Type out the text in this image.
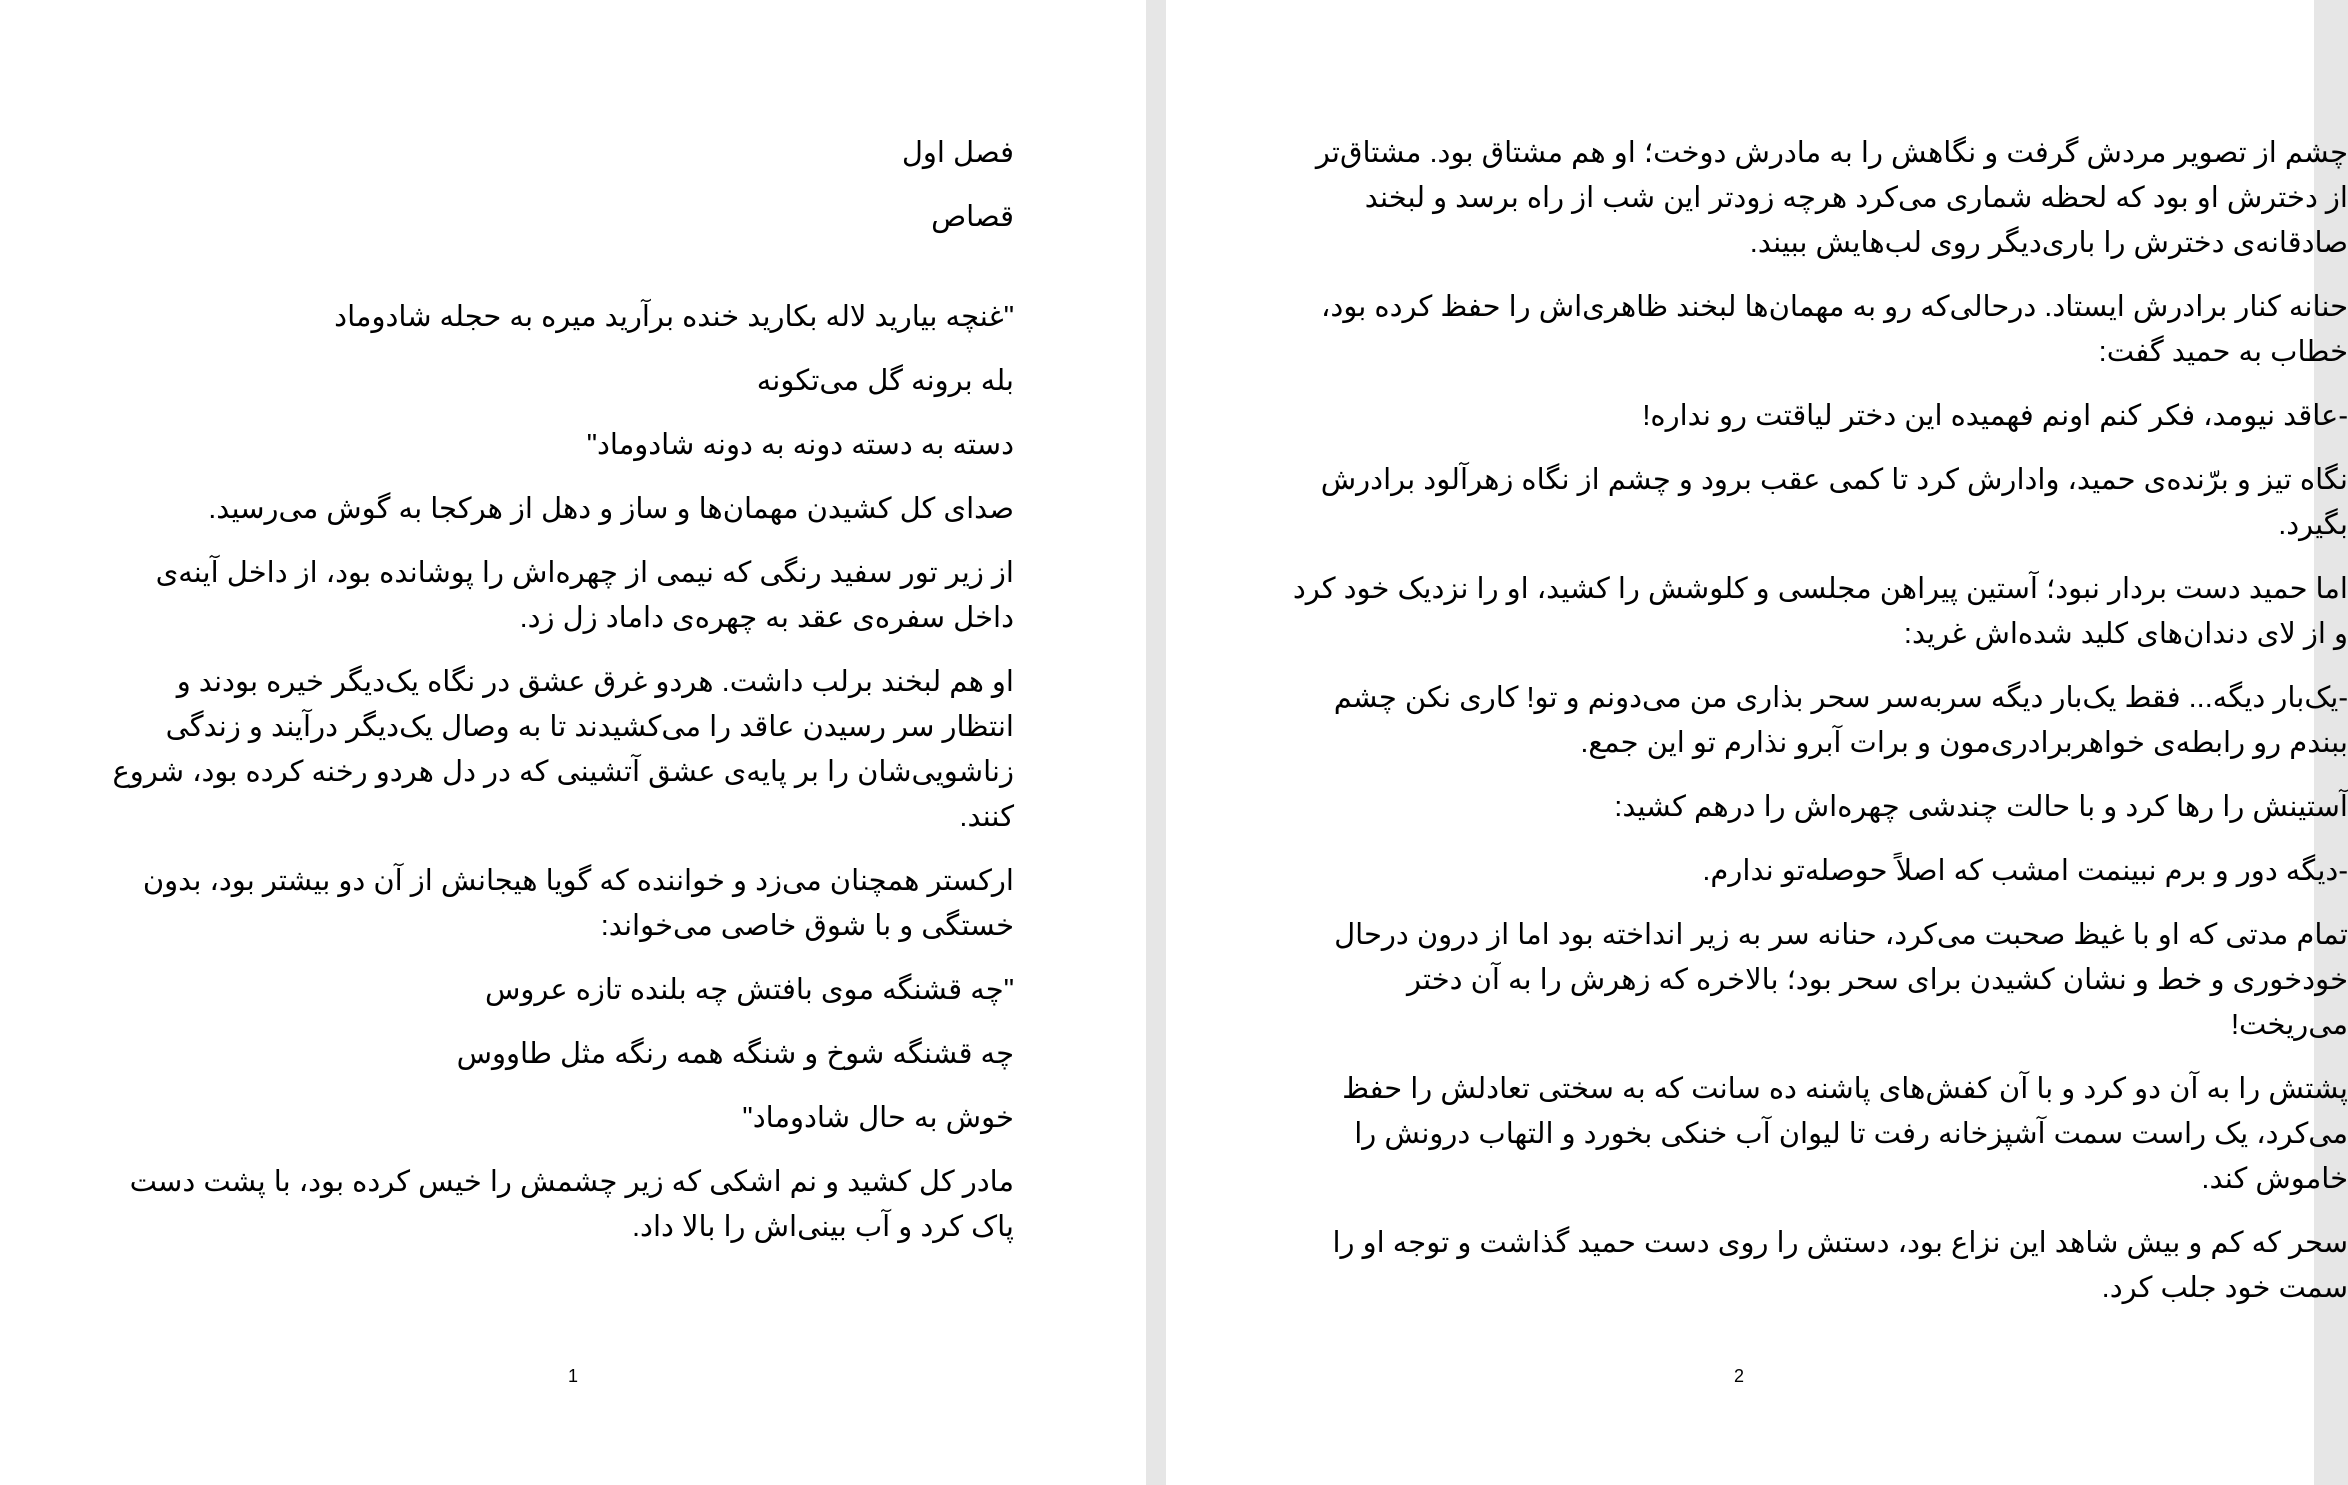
فصل اول

قصاص

"غنچه بیارید لاله بکارید خنده برآرید میره به حجله شادوماد

بله برونه گل می‌تکونه

دسته به دسته دونه به دونه شادوماد"

صدای کل کشیدن مهمان‌ها و ساز و دهل از هرکجا به گوش می‌رسید.

از زیر تور سفید رنگی که نیمی از چهره‌اش را پوشانده بود، از داخل آینه‌ی داخل سفره‌ی عقد به چهره‌ی داماد زل زد.

او هم لبخند برلب داشت. هردو غرق عشق در نگاه یک‌دیگر خیره بودند و انتظار سر رسیدن عاقد را می‌کشیدند تا به وصال یک‌دیگر درآیند و زندگی زناشویی‌شان را بر پایه‌ی عشق آتشینی که در دل هردو رخنه کرده بود، شروع کنند.

ارکستر همچنان می‌زد و خواننده که گویا هیجانش از آن دو بیشتر بود، بدون خستگی و با شوق خاصی می‌خواند:

"چه قشنگه موی بافتش چه بلنده تازه عروس

چه قشنگه شوخ و شنگه همه رنگه مثل طاووس

خوش به حال شادوماد"

مادر کل کشید و نم اشکی که زیر چشمش را خیس کرده بود، با پشت دست پاک کرد و آب بینی‌اش را بالا داد.

1

چشم از تصویر مردش گرفت و نگاهش را به مادرش دوخت؛ او هم مشتاق بود. مشتاق‌تر از دخترش او بود که لحظه شماری می‌کرد هرچه زودتر این شب از راه برسد و لبخند صادقانه‌ی دخترش را باری‌دیگر روی لب‌هایش ببیند.

حنانه کنار برادرش ایستاد. درحالی‌که رو به مهمان‌ها لبخند ظاهری‌اش را حفظ کرده بود، خطاب به حمید گفت:

-عاقد نیومد، فکر کنم اونم فهمیده این دختر لیاقتت رو نداره!

نگاه تیز و برّنده‌ی حمید، وادارش کرد تا کمی عقب برود و چشم از نگاه زهرآلود برادرش بگیرد.

اما حمید دست بردار نبود؛ آستین پیراهن مجلسی و کلوشش را کشید، او را نزدیک خود کرد و از لای دندان‌های کلید شده‌اش غرید:

-یک‌بار دیگه... فقط یک‌بار دیگه سربه‌سر سحر بذاری من می‌دونم و تو! کاری نکن چشم ببندم رو رابطه‌ی خواهربرادری‌مون و برات آبرو نذارم تو این جمع.

آستینش را رها کرد و با حالت چندشی چهره‌اش را درهم کشید:

-دیگه دور و برم نبینمت امشب که اصلاً حوصله‌تو ندارم.

تمام مدتی که او با غیظ صحبت می‌کرد، حنانه سر به زیر انداخته بود اما از درون درحال خودخوری و خط و نشان کشیدن برای سحر بود؛ بالاخره که زهرش را به آن دختر می‌ریخت!

پشتش را به آن دو کرد و با آن کفش‌های پاشنه ده سانت که به سختی تعادلش را حفظ می‌کرد، یک راست سمت آشپزخانه رفت تا لیوان آب خنکی بخورد و التهاب درونش را خاموش کند.

سحر که کم و بیش شاهد این نزاع بود، دستش را روی دست حمید گذاشت و توجه او را سمت خود جلب کرد.

2
